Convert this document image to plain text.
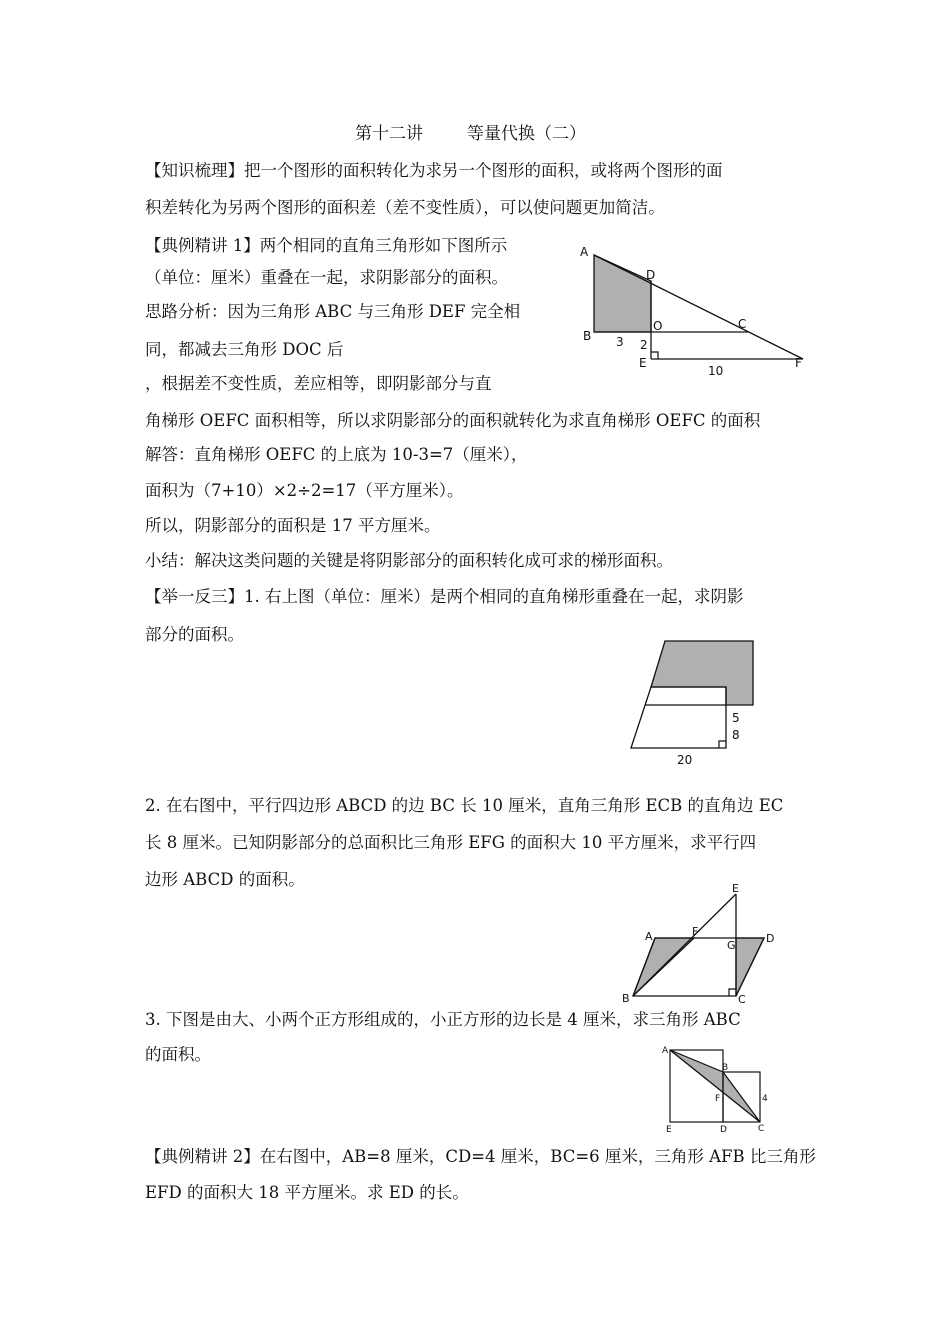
第十二讲	等量代换（二）
【知识梳理】把一个图形的面积转化为求另一个图形的面积，或将两个图形的面
积差转化为另两个图形的面积差（差不变性质），可以使问题更加简洁。
【典例精讲 1】两个相同的直角三角形如下图所示
（单位：厘米）重叠在一起，求阴影部分的面积。
思路分析：因为三角形 ABC 与三角形 DEF 完全相
同，都减去三角形 DOC 后
，根据差不变性质，差应相等，即阴影部分与直
角梯形 OEFC 面积相等，所以求阴影部分的面积就转化为求直角梯形 OEFC 的面积
解答：直角梯形 OEFC 的上底为 10-3=7（厘米），
面积为（7+10）×2÷2=17（平方厘米）。
所以，阴影部分的面积是 17 平方厘米。
小结：解决这类问题的关键是将阴影部分的面积转化成可求的梯形面积。
【举一反三】1. 右上图（单位：厘米）是两个相同的直角梯形重叠在一起，求阴影
部分的面积。
2. 在右图中，平行四边形 ABCD 的边 BC 长 10 厘米，直角三角形 ECB 的直角边 EC
长 8 厘米。已知阴影部分的总面积比三角形 EFG 的面积大 10 平方厘米，求平行四
边形 ABCD 的面积。
3. 下图是由大、小两个正方形组成的，小正方形的边长是 4 厘米，求三角形 ABC
的面积。
【典例精讲 2】在右图中，AB=8 厘米，CD=4 厘米，BC=6 厘米，三角形 AFB 比三角形
EFD 的面积大 18 平方厘米。求 ED 的长。
A
D
C
B
O
3 2
E
10
F
5
8
20
E
A	F
G
D
B	C
A
B
F	4
E	D	C
